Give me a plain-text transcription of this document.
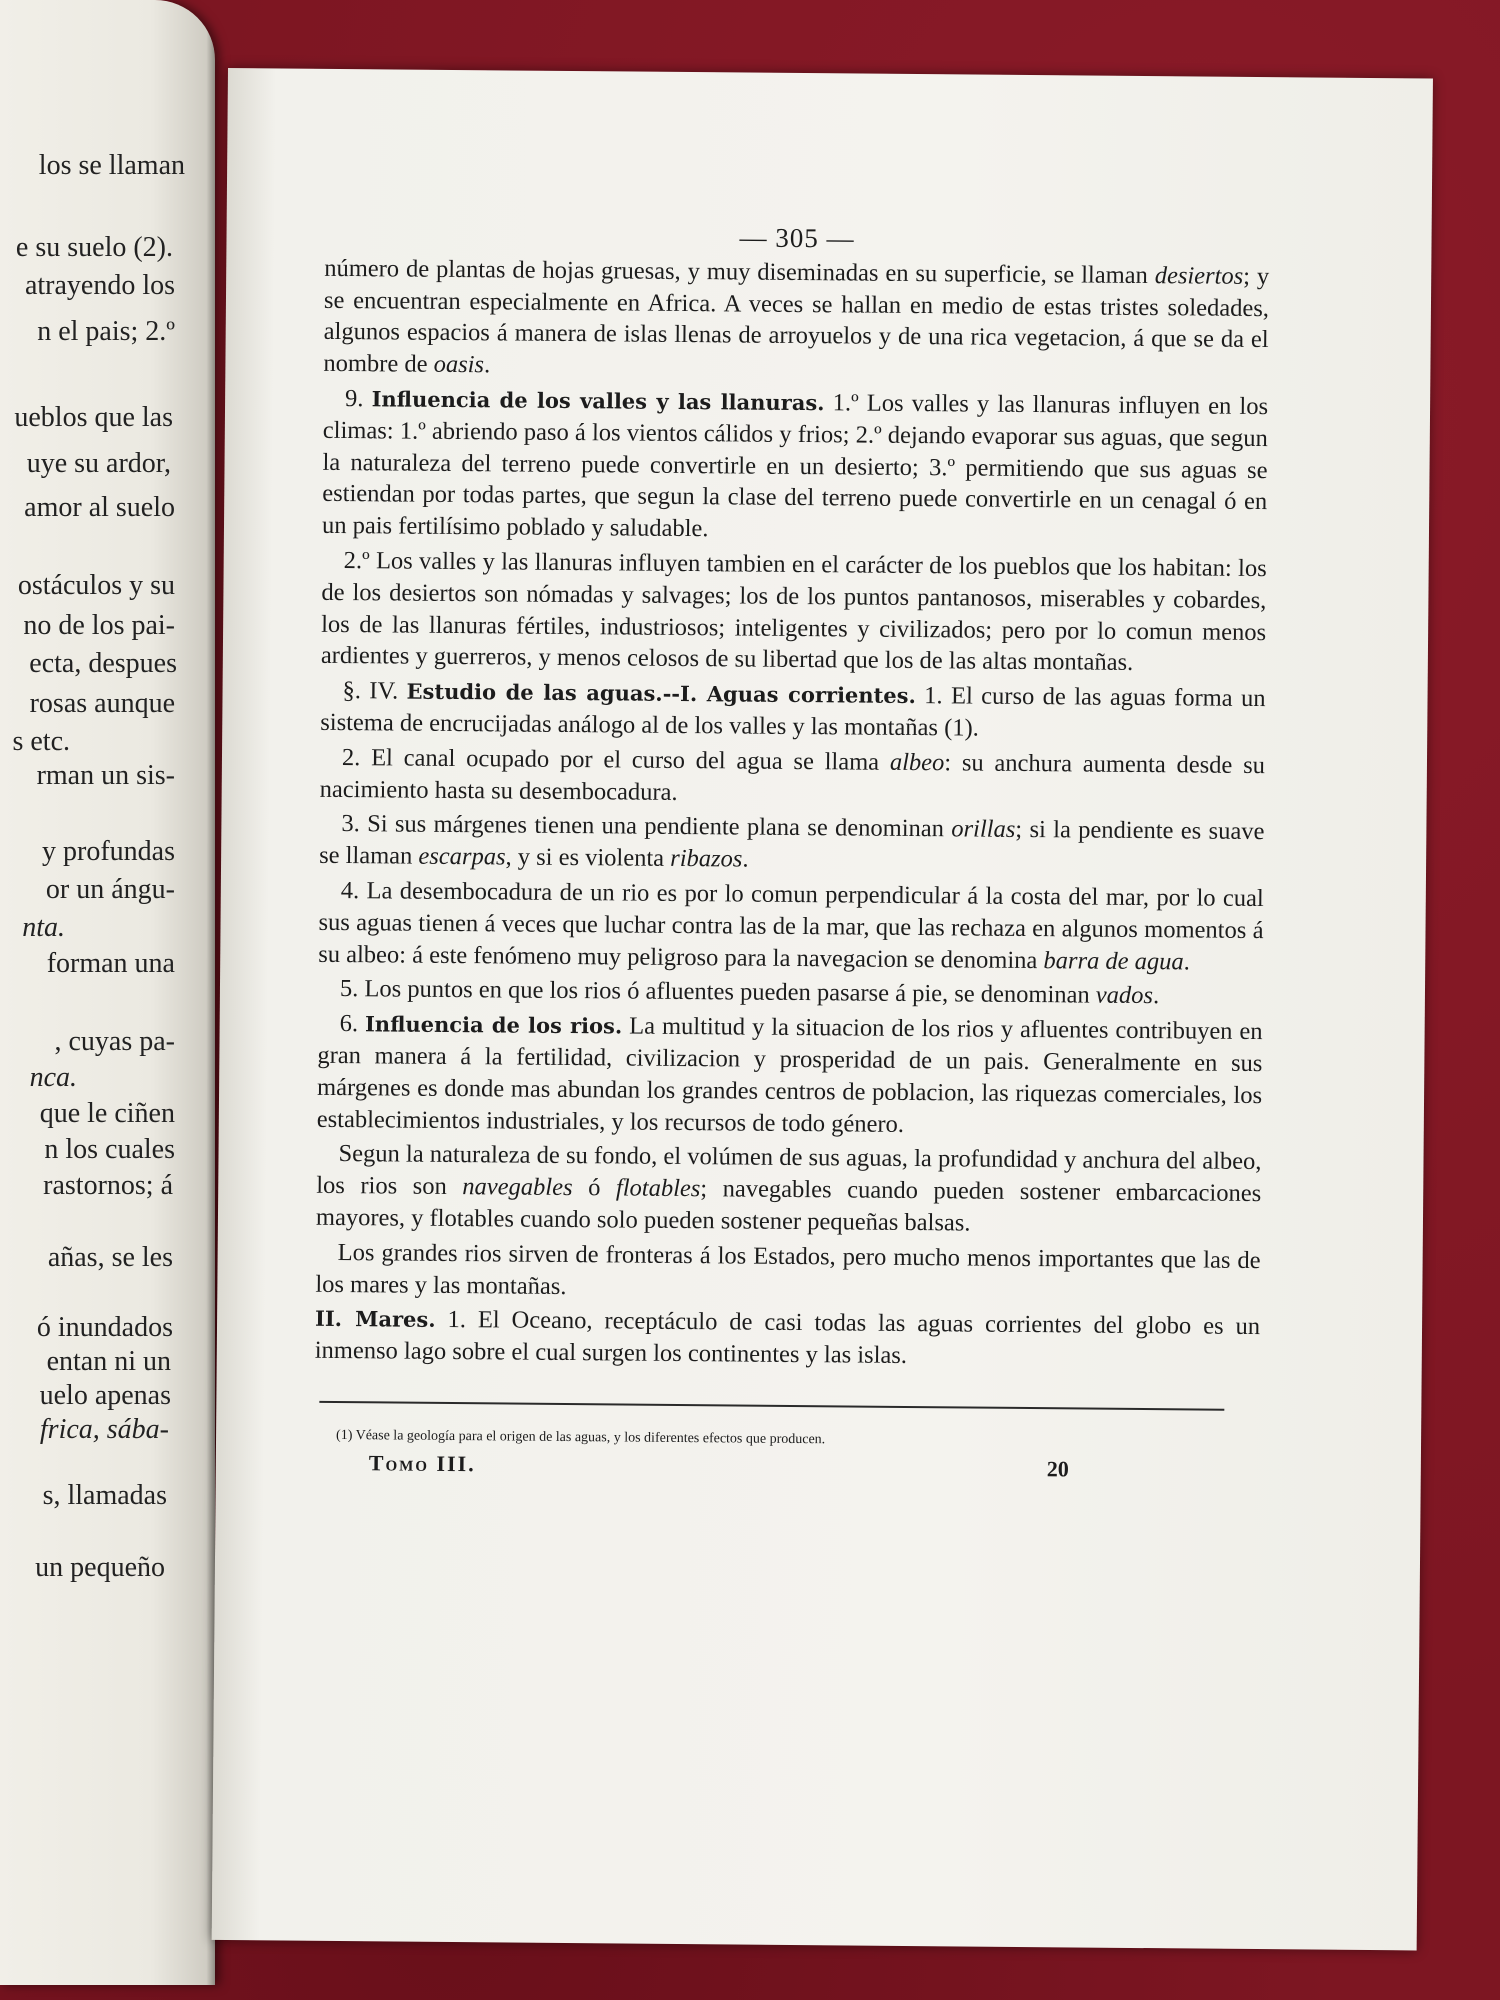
los se llaman
e su suelo (2).
atrayendo los
n el pais; 2.º
ueblos que las
uye su ardor,
amor al suelo
ostáculos y su
no de los pai-
ecta, despues
rosas aunque
s etc.
rman un sis-
y profundas
or un ángu-
nta.
forman una
, cuyas pa-
nca.
que le ciñen
n los cuales
rastornos; á
añas, se les
ó inundados
entan ni un
uelo apenas
frica, sába-
s, llamadas
un pequeño
— 305 —

número de plantas de hojas gruesas, y muy diseminadas en su superficie, se llaman desiertos; y se encuentran especialmente en Africa. A veces se hallan en medio de estas tristes soledades, algunos espacios á manera de islas llenas de arroyuelos y de una rica vegetacion, á que se da el nombre de oasis.

9. Influencia de los valles y las llanuras. 1.º Los valles y las llanuras influyen en los climas: 1.º abriendo paso á los vientos cálidos y frios; 2.º dejando evaporar sus aguas, que segun la naturaleza del terreno puede convertirle en un desierto; 3.º permitiendo que sus aguas se estiendan por todas partes, que segun la clase del terreno puede convertirle en un cenagal ó en un pais fertilísimo poblado y saludable.

2.º Los valles y las llanuras influyen tambien en el carácter de los pueblos que los habitan: los de los desiertos son nómadas y salvages; los de los puntos pantanosos, miserables y cobardes, los de las llanuras fértiles, industriosos; inteligentes y civilizados; pero por lo comun menos ardientes y guerreros, y menos celosos de su libertad que los de las altas montañas.

§. IV. Estudio de las aguas.--I. Aguas corrientes. 1. El curso de las aguas forma un sistema de encrucijadas análogo al de los valles y las montañas (1).

2. El canal ocupado por el curso del agua se llama albeo: su anchura aumenta desde su nacimiento hasta su desembocadura.

3. Si sus márgenes tienen una pendiente plana se denominan orillas; si la pendiente es suave se llaman escarpas, y si es violenta ribazos.

4. La desembocadura de un rio es por lo comun perpendicular á la costa del mar, por lo cual sus aguas tienen á veces que luchar contra las de la mar, que las rechaza en algunos momentos á su albeo: á este fenómeno muy peligroso para la navegacion se denomina barra de agua.

5. Los puntos en que los rios ó afluentes pueden pasarse á pie, se denominan vados.

6. Influencia de los rios. La multitud y la situacion de los rios y afluentes contribuyen en gran manera á la fertilidad, civilizacion y prosperidad de un pais. Generalmente en sus márgenes es donde mas abundan los grandes centros de poblacion, las riquezas comerciales, los establecimientos industriales, y los recursos de todo género.

Segun la naturaleza de su fondo, el volúmen de sus aguas, la profundidad y anchura del albeo, los rios son navegables ó flotables; navegables cuando pueden sostener embarcaciones mayores, y flotables cuando solo pueden sostener pequeñas balsas.

Los grandes rios sirven de fronteras á los Estados, pero mucho menos importantes que las de los mares y las montañas.

II. Mares. 1. El Oceano, receptáculo de casi todas las aguas corrientes del globo es un inmenso lago sobre el cual surgen los continentes y las islas.

(1) Véase la geología para el origen de las aguas, y los diferentes efectos que producen.
Tomo III.	20
